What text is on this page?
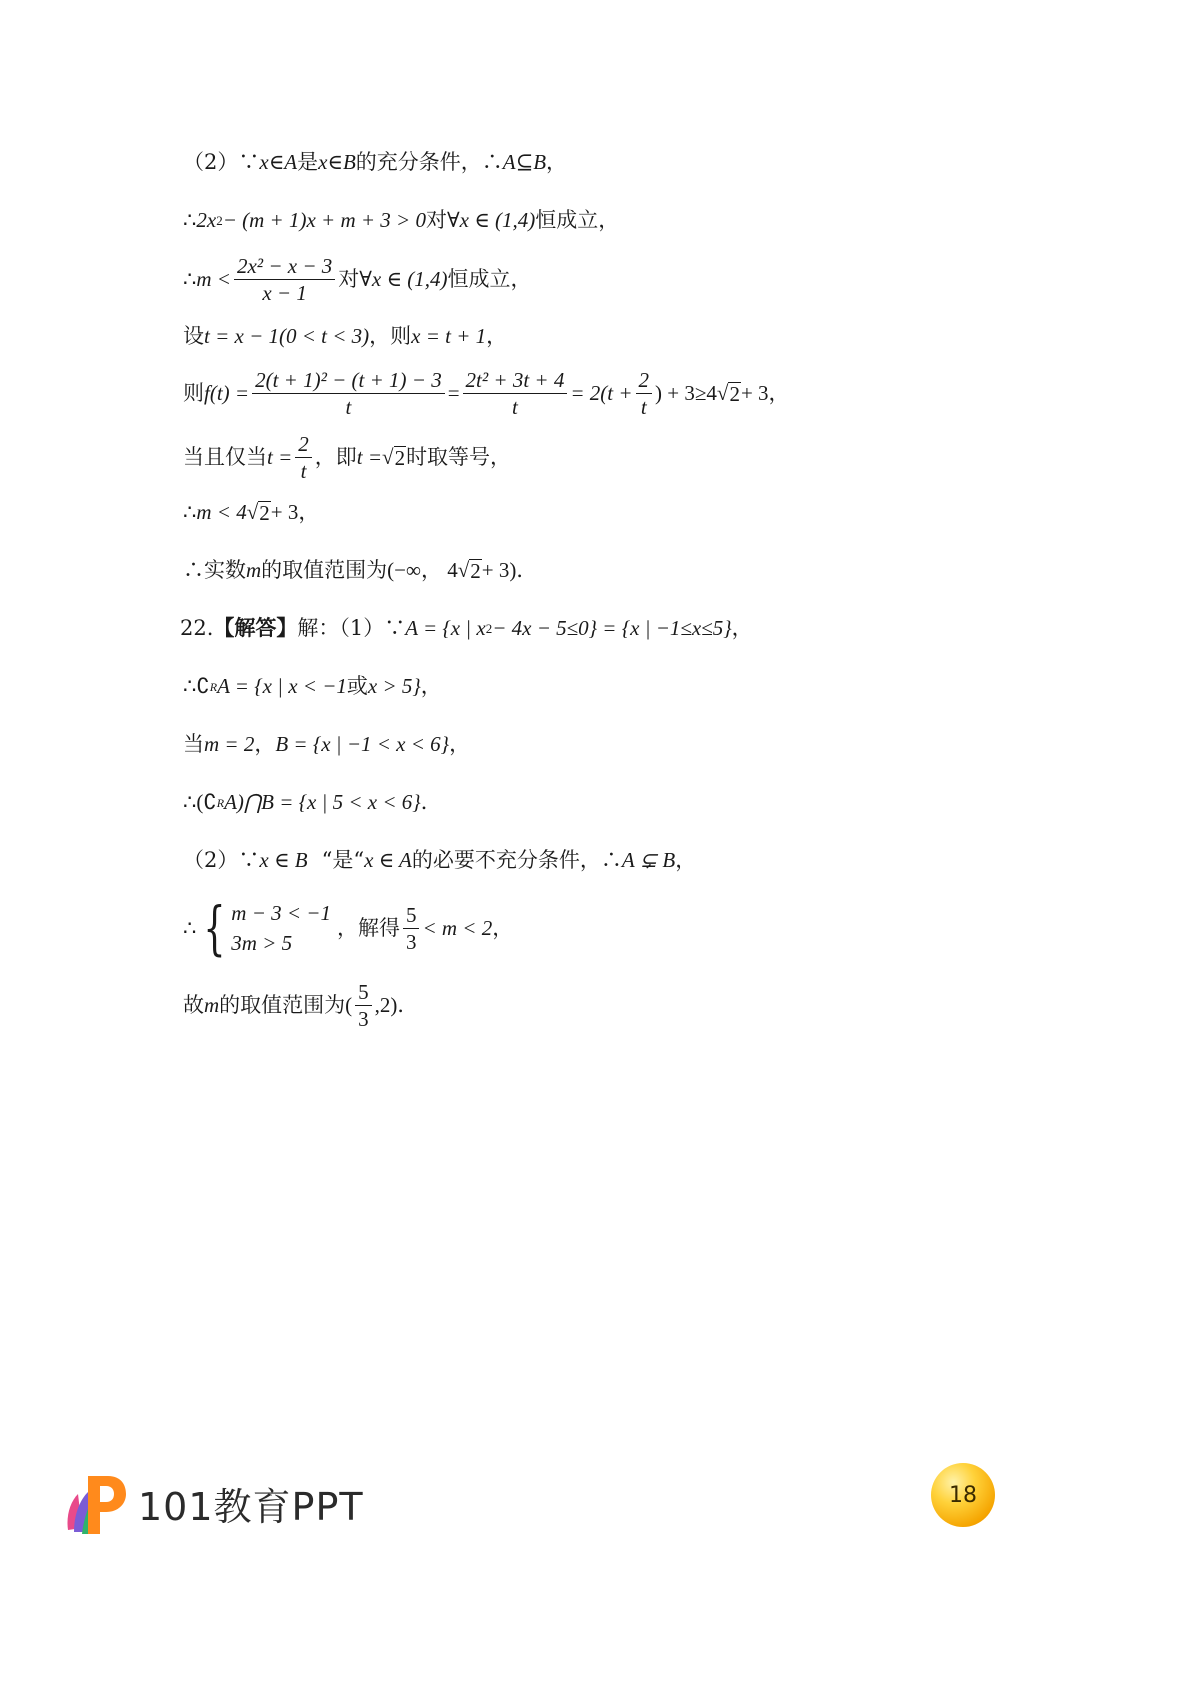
（2）∵ x ∈ A 是 x ∈ B 的充分条件，∴ A ⊆ B ，
∴ 2x 2 − (m + 1)x + m + 3 > 0 对 ∀x ∈ (1,4) 恒成立，
∴ $m < \frac{\text{2x² − x − 3}}{x - 1}$ 对 ∀x ∈ (1,4) 恒成立，
设 t = x − 1(0 < t < 3) ，则 x = t + 1 ，
则 $f(t) = \frac{\text{2(t + 1)² − (t + 1) − 3}}{t} = \frac{\text{2t² + 3t + 4}}{t} = 2(t + \frac{2}{t}$ ) + 3≥4 √ 2 + 3 ，
当且仅当 $t = \frac{2}{t}$ ，即 t = √ 2 时取等号，
∴ m < 4 √ 2 + 3 ，
∴实数 m 的取值范围为 (−∞， 4 √ 2 + 3) ．
22. 【解答】 解：（1）∵ A = {x | x 2 − 4x − 5≤0} = {x | −1≤x≤5} ，
∴ ∁ R A = {x | x < −1 或 x > 5} ，
当 m = 2 ， B = {x | −1 < x < 6} ，
∴ (∁ R A)⋂B = {x | 5 < x < 6} ．
（2）∵ x ∈ B “是“ x ∈ A 的必要不充分条件，∴ A ⊊ B ，
∴ { m − 3 < −1
3m > 5
，解得 $\frac{5}{3} < m < 2$ ，
故 m 的取值范围为 ( $\frac{5}{3} ,2$) ．
101教育PPT	18
